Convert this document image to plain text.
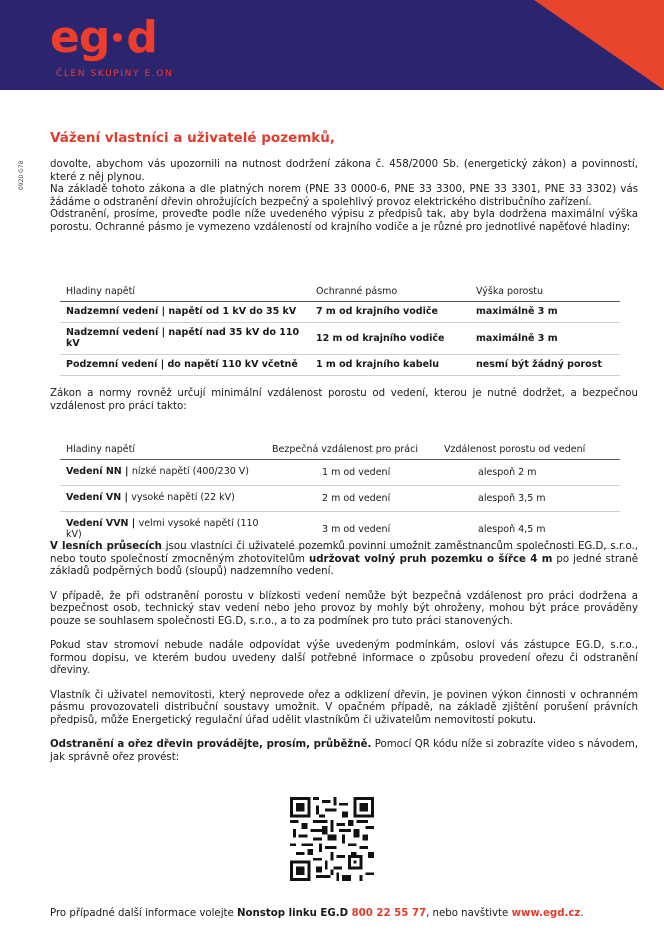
eg d
ČLEN SKUPINY E.ON
0920 G78
Vážení vlastníci a uživatelé pozemků,

dovolte, abychom vás upozornili na nutnost dodržení zákona č. 458/2000 Sb. (energetický zákon) a povinností, které z něj plynou.

Na základě tohoto zákona a dle platných norem (PNE 33 0000-6, PNE 33 3300, PNE 33 3301, PNE 33 3302) vás žádáme o odstranění dřevin ohrožujících bezpečný a spolehlivý provoz elektrického distribučního zařízení.

Odstranění, prosíme, proveďte podle níže uvedeného výpisu z předpisů tak, aby byla dodržena maximální výška porostu. Ochranné pásmo je vymezeno vzdáleností od krajního vodiče a je různé pro jednotlivé napěťové hladiny:

Hladiny napětí	Ochranné pásmo	Výška porostu
Nadzemní vedení | napětí od 1 kV do 35 kV	7 m od krajního vodiče	maximálně 3 m
Nadzemní vedení | napětí nad 35 kV do 110 kV	12 m od krajního vodiče	maximálně 3 m
Podzemní vedení | do napětí 110 kV včetně	1 m od krajního kabelu	nesmí být žádný porost

Zákon a normy rovněž určují minimální vzdálenost porostu od vedení, kterou je nutné dodržet, a bezpečnou vzdálenost pro práci takto:

Hladiny napětí	Bezpečná vzdálenost pro práci	Vzdálenost porostu od vedení
Vedení NN | nízké napětí (400/230 V)	1 m od vedení	alespoň 2 m
Vedení VN | vysoké napětí (22 kV)	2 m od vedení	alespoň 3,5 m
Vedení VVN | velmi vysoké napětí (110 kV)	3 m od vedení	alespoň 4,5 m

V lesních průsecích jsou vlastníci či uživatelé pozemků povinni umožnit zaměstnancům společnosti EG.D, s.r.o., nebo touto společností zmocněným zhotovitelům udržovat volný pruh pozemku o šířce 4 m po jedné straně základů podpěrných bodů (sloupů) nadzemního vedení.

V případě, že při odstranění porostu v blízkosti vedení nemůže být bezpečná vzdálenost pro práci dodržena a bezpečnost osob, technický stav vedení nebo jeho provoz by mohly být ohroženy, mohou být práce prováděny pouze se souhlasem společnosti EG.D, s.r.o., a to za podmínek pro tuto práci stanovených.

Pokud stav stromoví nebude nadále odpovídat výše uvedeným podmínkám, osloví vás zástupce EG.D, s.r.o., formou dopisu, ve kterém budou uvedeny další potřebné informace o způsobu provedení ořezu či odstranění dřeviny.

Vlastník či uživatel nemovitosti, který neprovede ořez a odklizení dřevin, je povinen výkon činnosti v ochranném pásmu provozovateli distribuční soustavy umožnit. V opačném případě, na základě zjištění porušení právních předpisů, může Energetický regulační úřad udělit vlastníkům či uživatelům nemovitostí pokutu.

Odstranění a ořez dřevin provádějte, prosím, průběžně. Pomocí QR kódu níže si zobrazíte video s návodem, jak správně ořez provést:

Pro případné další informace volejte Nonstop linku EG.D 800 22 55 77, nebo navštivte www.egd.cz.
